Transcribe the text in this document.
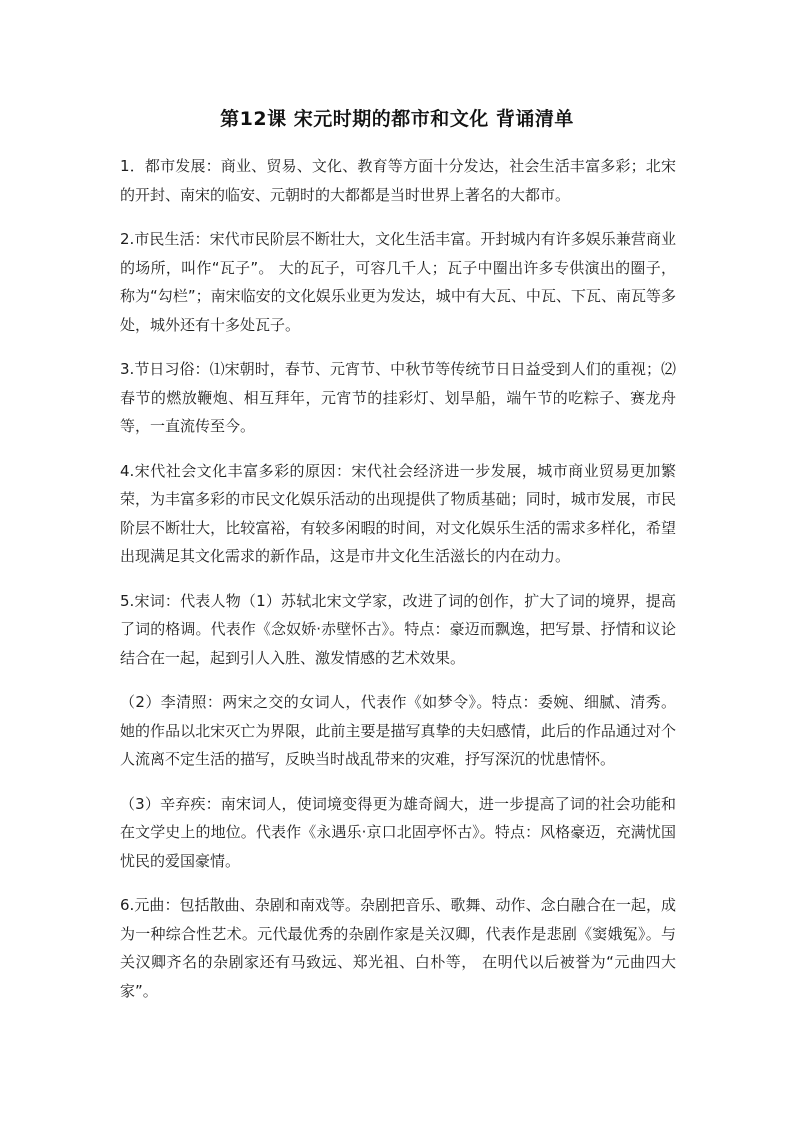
第12课 宋元时期的都市和文化 背诵清单

1．都市发展：商业、贸易、文化、教育等方面十分发达，社会生活丰富多彩；北宋的开封、南宋的临安、元朝时的大都都是当时世界上著名的大都市。

2.市民生活：宋代市民阶层不断壮大，文化生活丰富。开封城内有许多娱乐兼营商业的场所，叫作“瓦子”。 大的瓦子，可容几千人；瓦子中圈出许多专供演出的圈子，称为“勾栏”；南宋临安的文化娱乐业更为发达，城中有大瓦、中瓦、下瓦、南瓦等多处，城外还有十多处瓦子。

3.节日习俗：⑴宋朝时，春节、元宵节、中秋节等传统节日日益受到人们的重视；⑵春节的燃放鞭炮、相互拜年，元宵节的挂彩灯、划旱船，端午节的吃粽子、赛龙舟等，一直流传至今。

4.宋代社会文化丰富多彩的原因：宋代社会经济进一步发展，城市商业贸易更加繁荣，为丰富多彩的市民文化娱乐活动的出现提供了物质基础；同时，城市发展，市民阶层不断壮大，比较富裕，有较多闲暇的时间，对文化娱乐生活的需求多样化，希望出现满足其文化需求的新作品，这是市井文化生活滋长的内在动力。

5.宋词：代表人物（1）苏轼北宋文学家，改进了词的创作，扩大了词的境界，提高了词的格调。代表作《念奴娇·赤壁怀古》。特点：豪迈而飘逸，把写景、抒情和议论结合在一起，起到引人入胜、激发情感的艺术效果。

（2）李清照：两宋之交的女词人，代表作《如梦令》。特点：委婉、细腻、清秀。她的作品以北宋灭亡为界限，此前主要是描写真挚的夫妇感情，此后的作品通过对个人流离不定生活的描写，反映当时战乱带来的灾难，抒写深沉的忧患情怀。

（3）辛弃疾：南宋词人，使词境变得更为雄奇阔大，进一步提高了词的社会功能和在文学史上的地位。代表作《永遇乐·京口北固亭怀古》。特点：风格豪迈，充满忧国忧民的爱国豪情。

6.元曲：包括散曲、杂剧和南戏等。杂剧把音乐、歌舞、动作、念白融合在一起，成为一种综合性艺术。元代最优秀的杂剧作家是关汉卿，代表作是悲剧《窦娥冤》。与关汉卿齐名的杂剧家还有马致远、郑光祖、白朴等， 在明代以后被誉为“元曲四大家”。
